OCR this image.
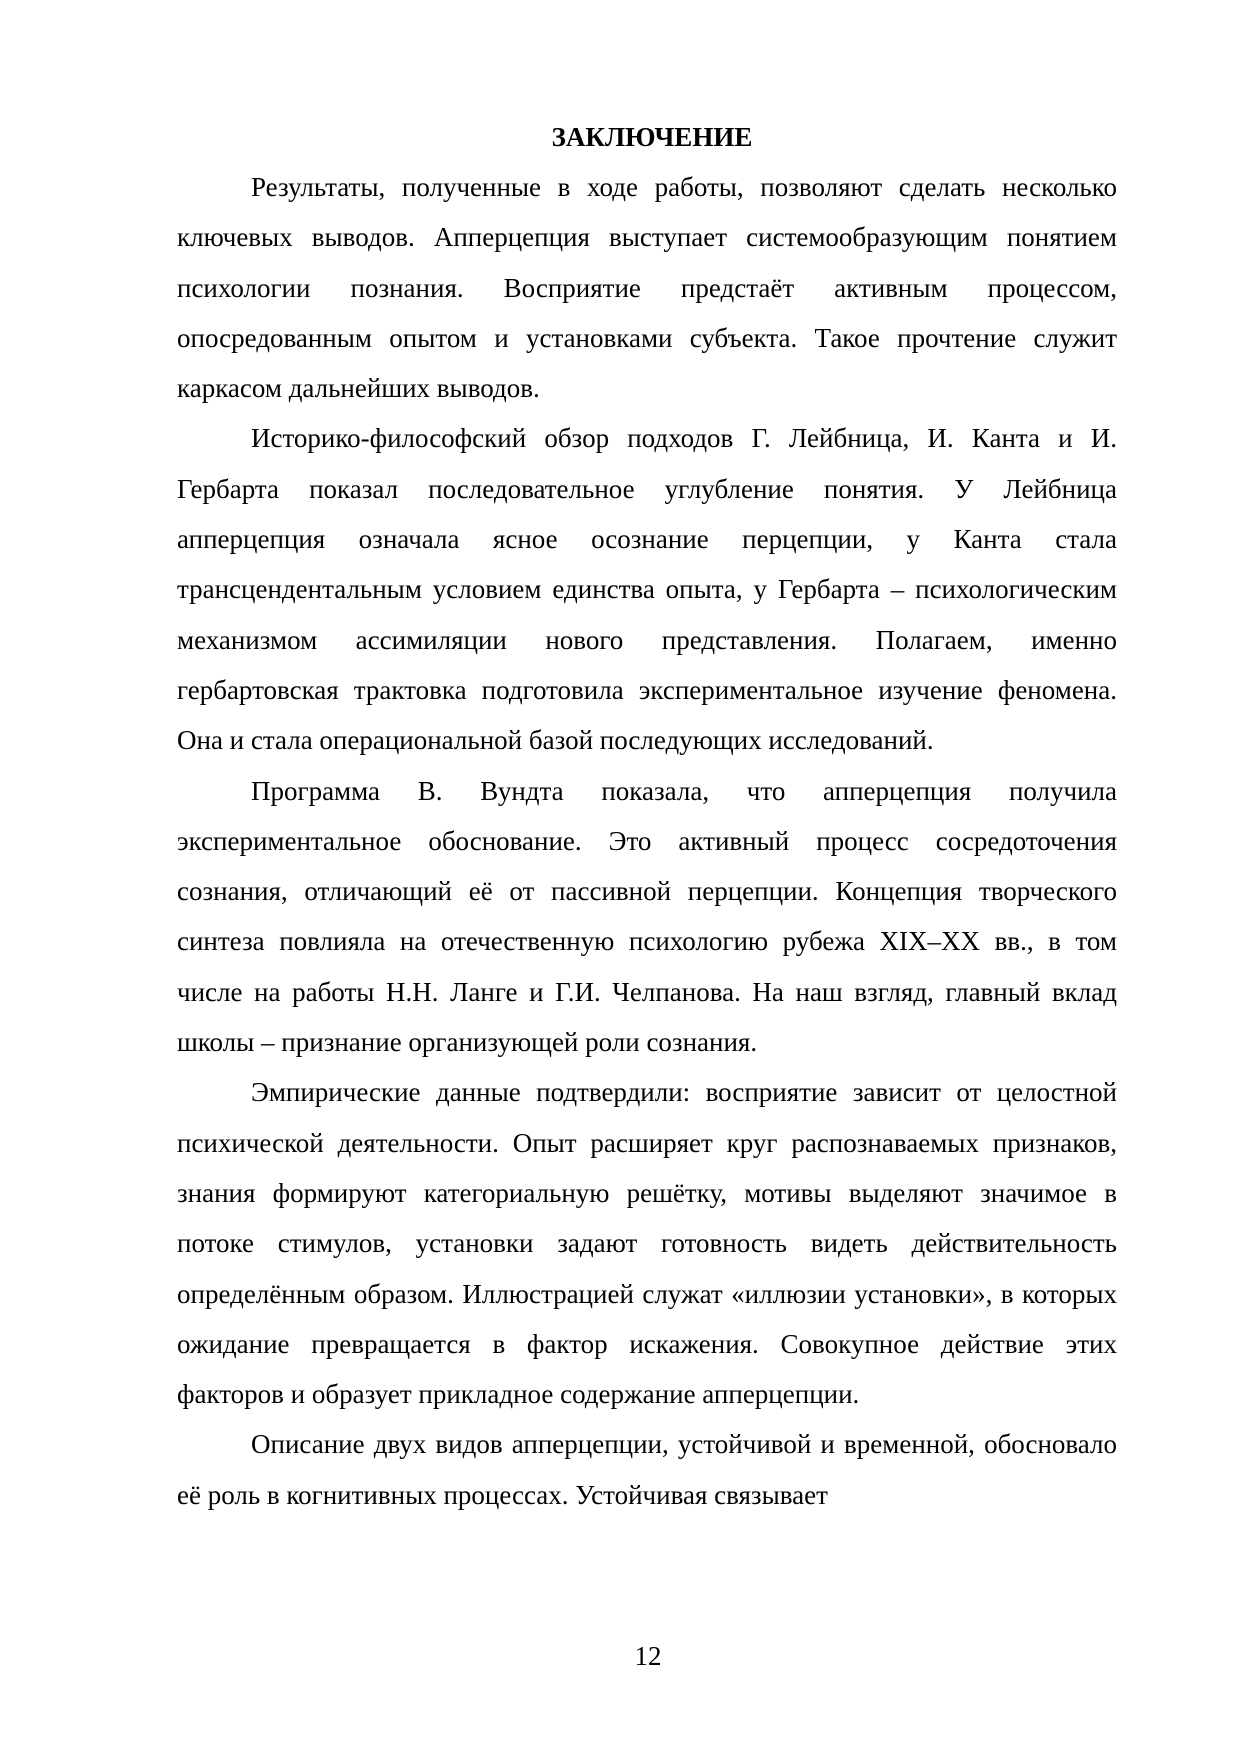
ЗАКЛЮЧЕНИЕ

Результаты, полученные в ходе работы, позволяют сделать несколько ключевых выводов. Апперцепция выступает системообразующим понятием психологии познания. Восприятие предстаёт активным процессом, опосредованным опытом и установками субъекта. Такое прочтение служит каркасом дальнейших выводов.

Историко-философский обзор подходов Г. Лейбница, И. Канта и И. Гербарта показал последовательное углубление понятия. У Лейбница апперцепция означала ясное осознание перцепции, у Канта стала трансцендентальным условием единства опыта, у Гербарта – психологическим механизмом ассимиляции нового представления. Полагаем, именно гербартовская трактовка подготовила экспериментальное изучение феномена. Она и стала операциональной базой последующих исследований.

Программа В. Вундта показала, что апперцепция получила экспериментальное обоснование. Это активный процесс сосредоточения сознания, отличающий её от пассивной перцепции. Концепция творческого синтеза повлияла на отечественную психологию рубежа XIX–XX вв., в том числе на работы Н.Н. Ланге и Г.И. Челпанова. На наш взгляд, главный вклад школы – признание организующей роли сознания.

Эмпирические данные подтвердили: восприятие зависит от целостной психической деятельности. Опыт расширяет круг распознаваемых признаков, знания формируют категориальную решётку, мотивы выделяют значимое в потоке стимулов, установки задают готовность видеть действительность определённым образом. Иллюстрацией служат «иллюзии установки», в которых ожидание превращается в фактор искажения. Совокупное действие этих факторов и образует прикладное содержание апперцепции.

Описание двух видов апперцепции, устойчивой и временной, обосновало её роль в когнитивных процессах. Устойчивая связывает

12
